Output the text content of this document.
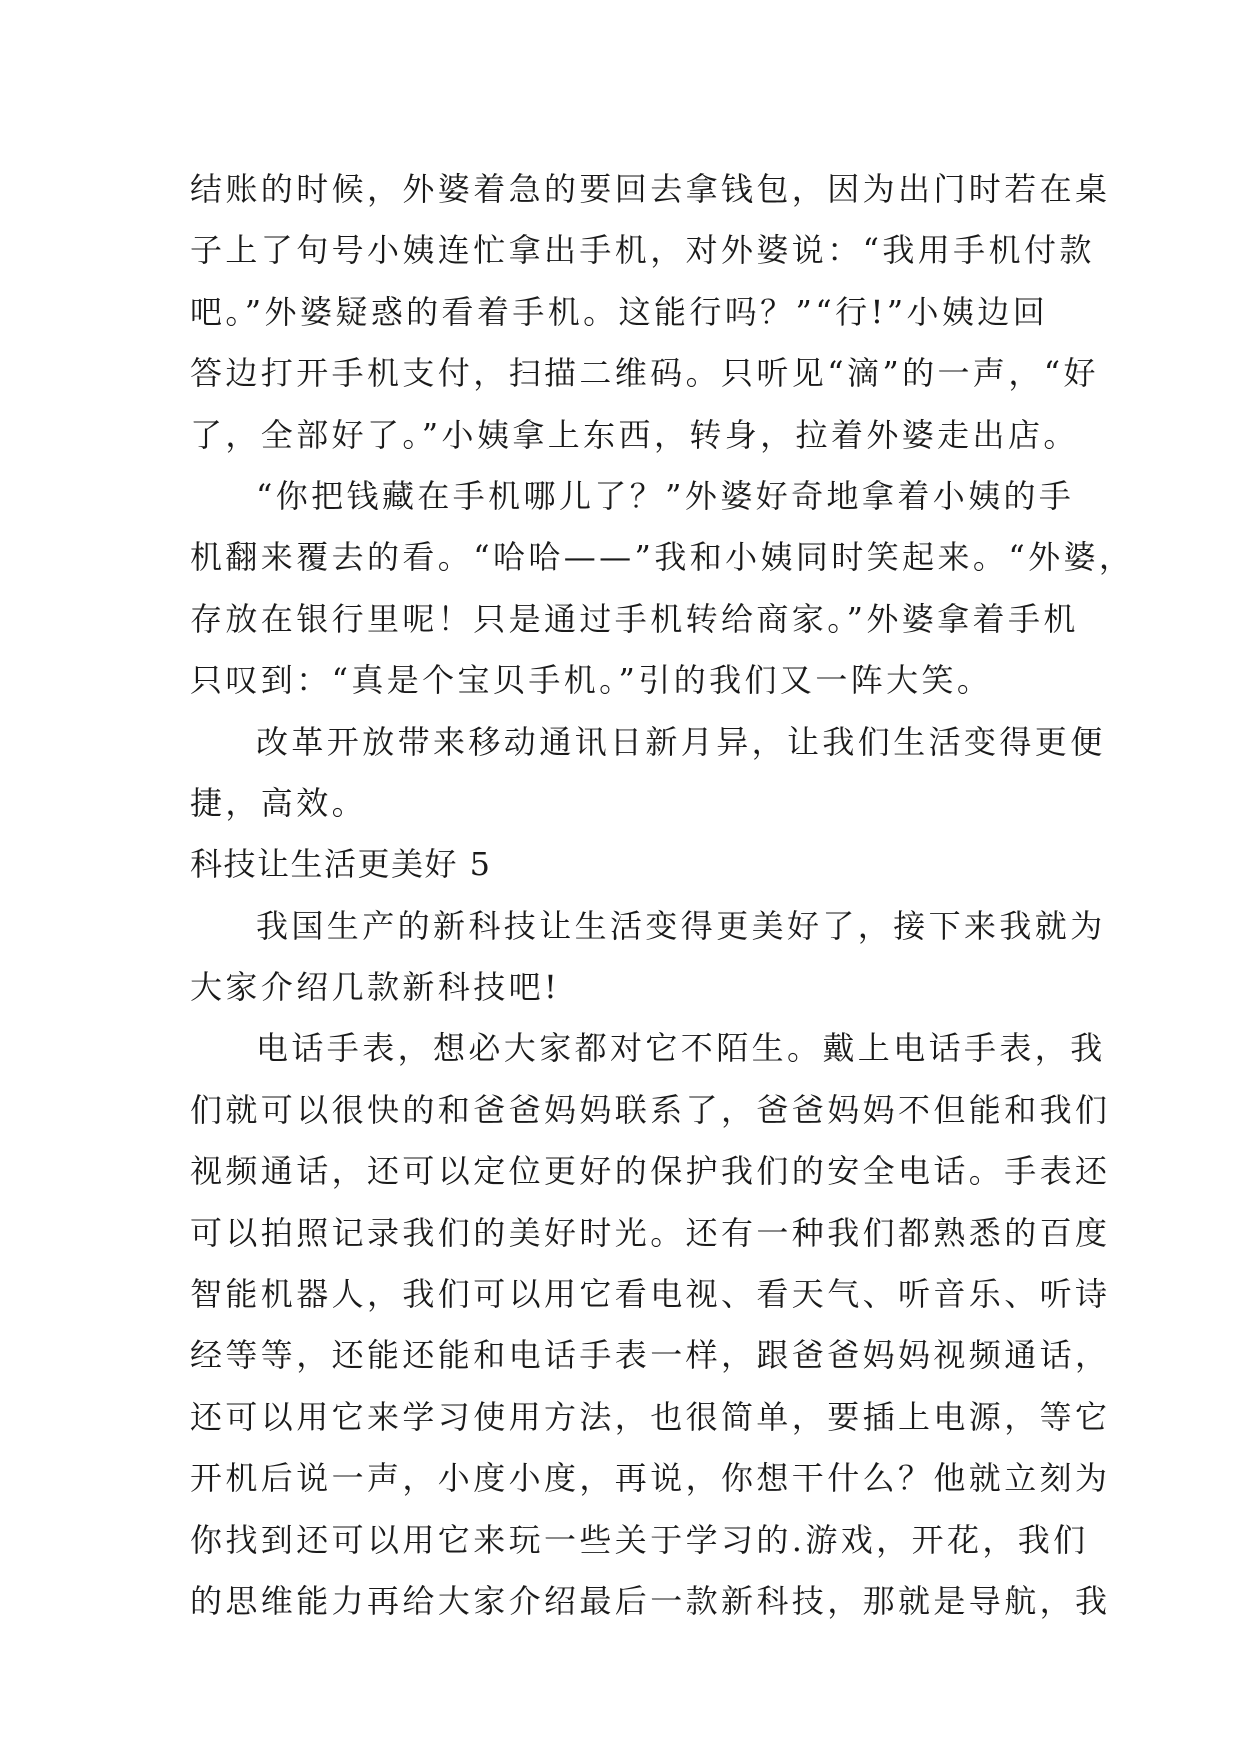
结账的时候，外婆着急的要回去拿钱包，因为出门时若在桌
子上了句号小姨连忙拿出手机，对外婆说：“我用手机付款
吧。”外婆疑惑的看着手机。这能行吗？”“行!”小姨边回
答边打开手机支付，扫描二维码。只听见“滴”的一声，“好
了，全部好了。”小姨拿上东西，转身，拉着外婆走出店。
“你把钱藏在手机哪儿了？”外婆好奇地拿着小姨的手
机翻来覆去的看。“哈哈——”我和小姨同时笑起来。“外婆，
存放在银行里呢！只是通过手机转给商家。”外婆拿着手机
只叹到：“真是个宝贝手机。”引的我们又一阵大笑。
改革开放带来移动通讯日新月异，让我们生活变得更便
捷，高效。
科技让生活更美好 5
我国生产的新科技让生活变得更美好了，接下来我就为
大家介绍几款新科技吧!
电话手表，想必大家都对它不陌生。戴上电话手表，我
们就可以很快的和爸爸妈妈联系了，爸爸妈妈不但能和我们
视频通话，还可以定位更好的保护我们的安全电话。手表还
可以拍照记录我们的美好时光。还有一种我们都熟悉的百度
智能机器人，我们可以用它看电视、看天气、听音乐、听诗
经等等，还能还能和电话手表一样，跟爸爸妈妈视频通话，
还可以用它来学习使用方法，也很简单，要插上电源，等它
开机后说一声，小度小度，再说，你想干什么？他就立刻为
你找到还可以用它来玩一些关于学习的.游戏，开花，我们
的思维能力再给大家介绍最后一款新科技，那就是导航，我
